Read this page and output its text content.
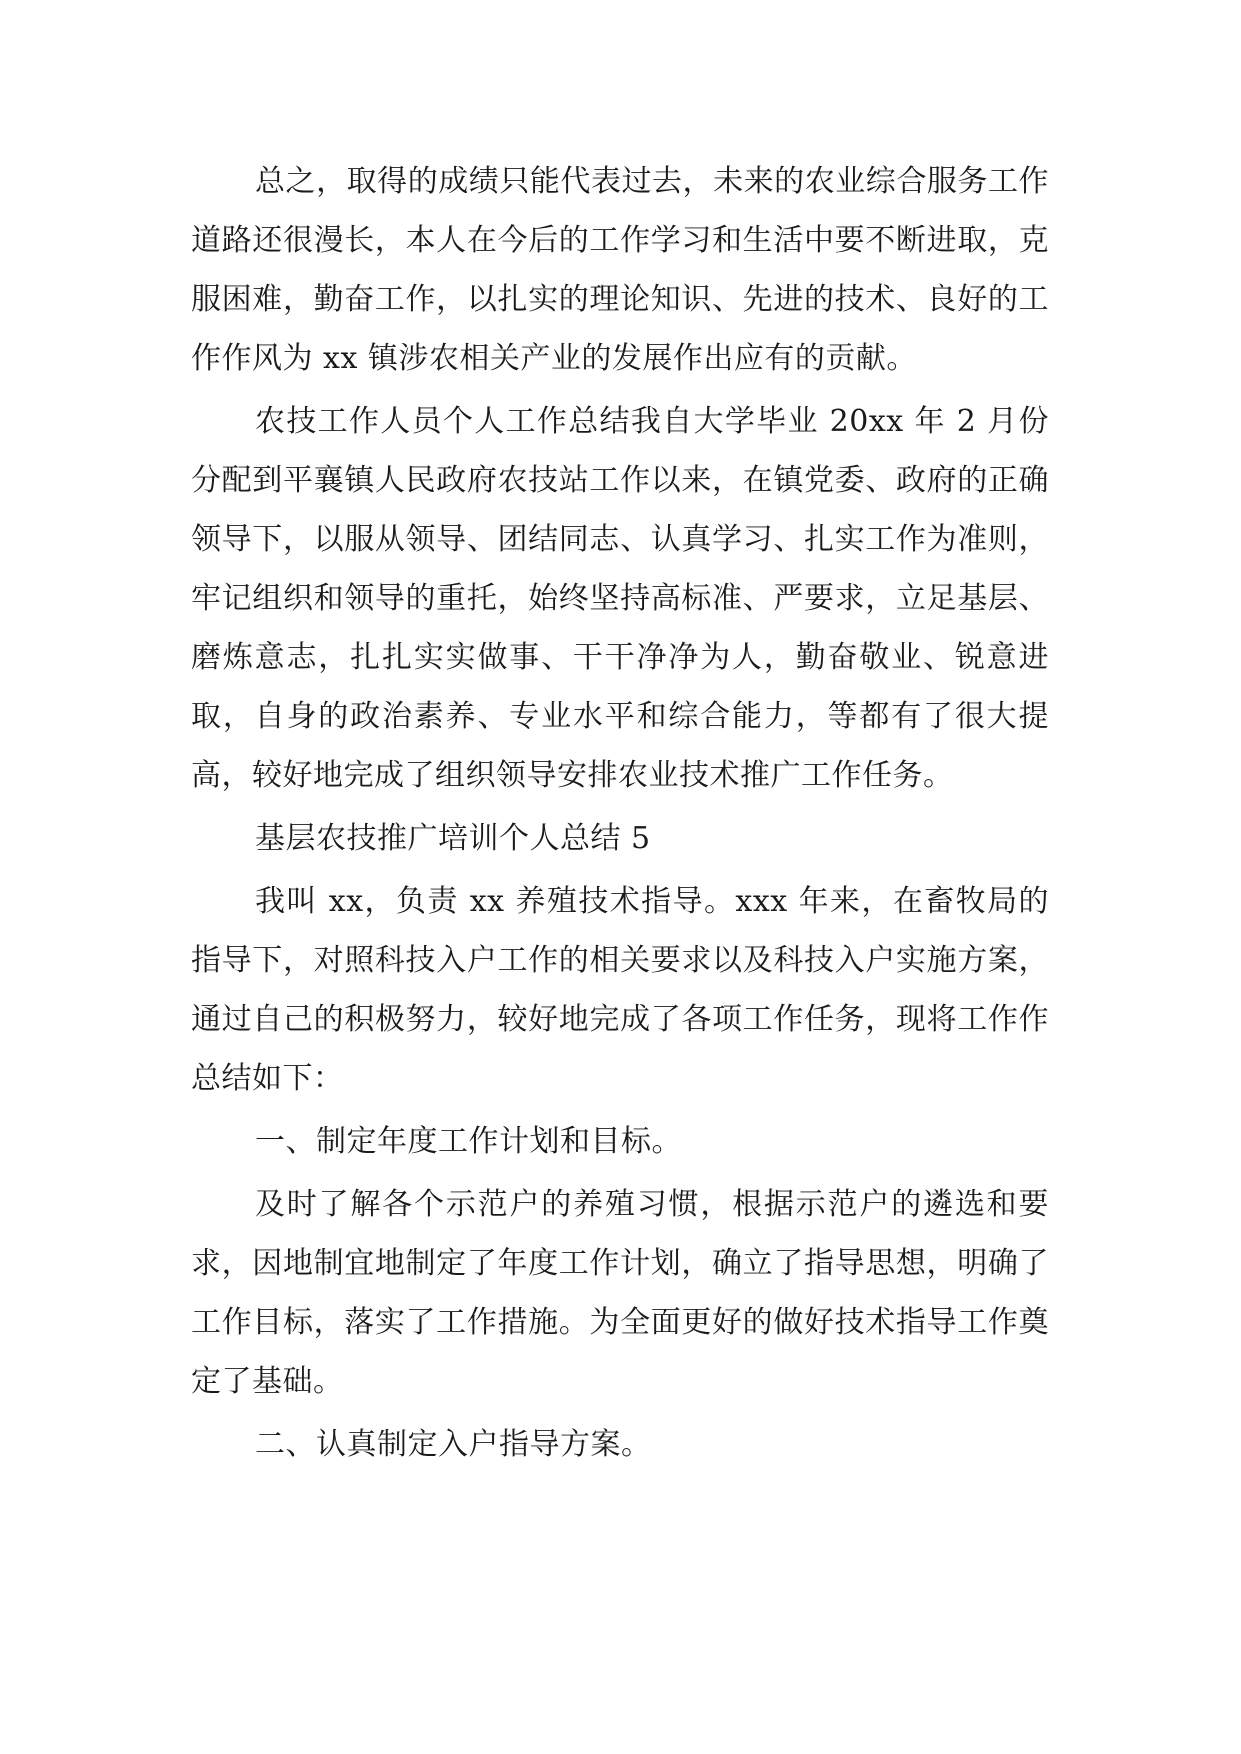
总之，取得的成绩只能代表过去，未来的农业综合服务工作道路还很漫长，本人在今后的工作学习和生活中要不断进取，克服困难，勤奋工作，以扎实的理论知识、先进的技术、良好的工作作风为 xx 镇涉农相关产业的发展作出应有的贡献。

农技工作人员个人工作总结我自大学毕业 20xx 年 2 月份分配到平襄镇人民政府农技站工作以来，在镇党委、政府的正确领导下，以服从领导、团结同志、认真学习、扎实工作为准则，牢记组织和领导的重托，始终坚持高标准、严要求，立足基层、磨炼意志，扎扎实实做事、干干净净为人，勤奋敬业、锐意进取，自身的政治素养、专业水平和综合能力，等都有了很大提高，较好地完成了组织领导安排农业技术推广工作任务。

基层农技推广培训个人总结 5

我叫 xx，负责 xx 养殖技术指导。xxx 年来，在畜牧局的指导下，对照科技入户工作的相关要求以及科技入户实施方案，通过自己的积极努力，较好地完成了各项工作任务，现将工作作总结如下：

一、制定年度工作计划和目标。

及时了解各个示范户的养殖习惯，根据示范户的遴选和要求，因地制宜地制定了年度工作计划，确立了指导思想，明确了工作目标，落实了工作措施。为全面更好的做好技术指导工作奠定了基础。

二、认真制定入户指导方案。
